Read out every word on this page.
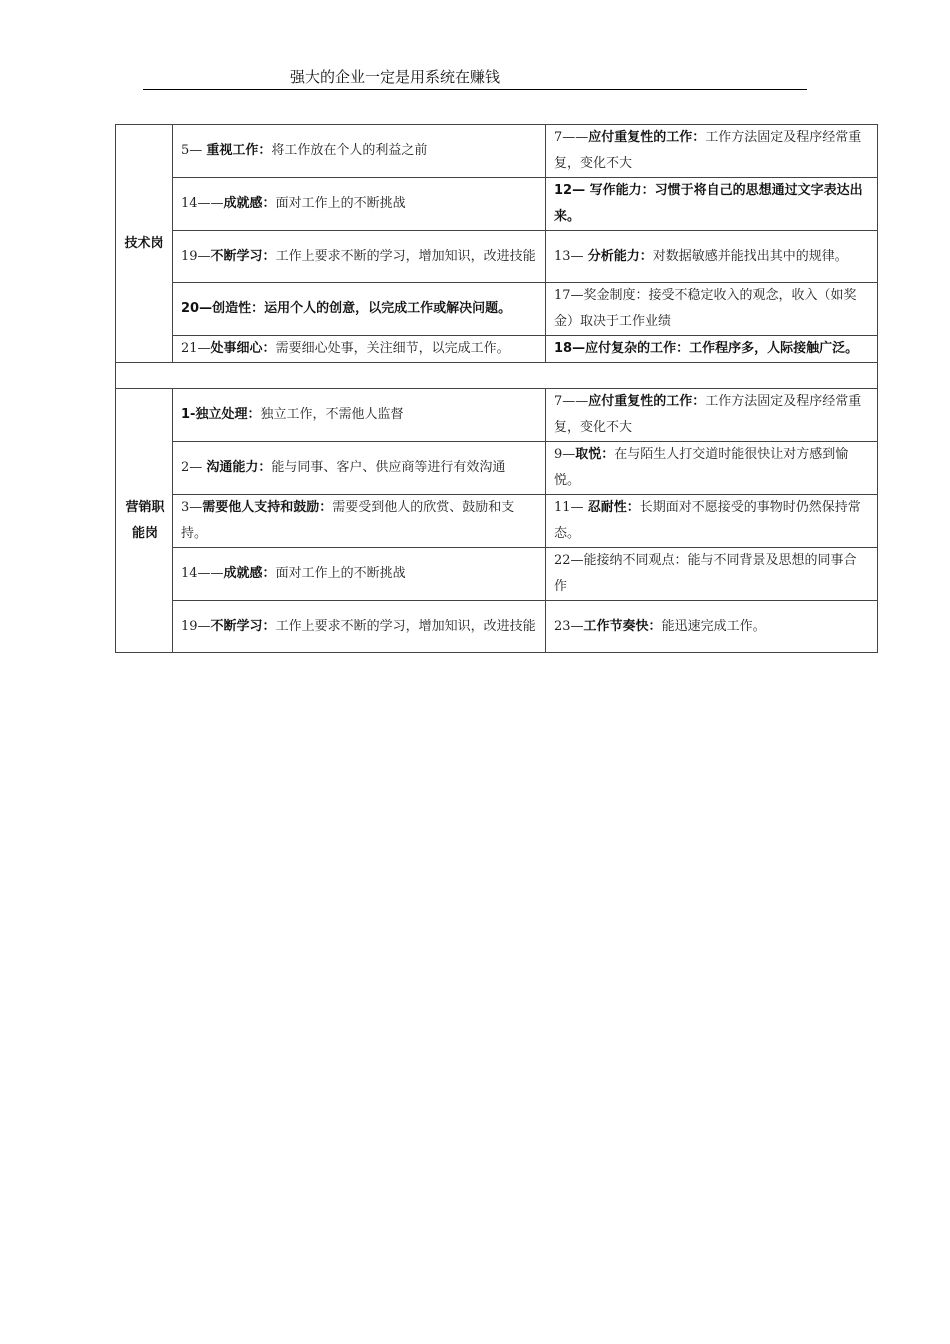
强大的企业一定是用系统在赚钱
技术岗	5— 重视工作：将工作放在个人的利益之前	7——应付重复性的工作：工作方法固定及程序经常重复，变化不大

	14——成就感：面对工作上的不断挑战	12— 写作能力：习惯于将自己的思想通过文字表达出来。

	19—不断学习：工作上要求不断的学习，增加知识，改进技能	13— 分析能力：对数据敏感并能找出其中的规律。

	20—创造性：运用个人的创意，以完成工作或解决问题。	17—奖金制度：接受不稳定收入的观念，收入（如奖金）取决于工作业绩

	21—处事细心：需要细心处事，关注细节，以完成工作。	18—应付复杂的工作：工作程序多，人际接触广泛。

营销职能岗	1-独立处理：独立工作，不需他人监督	7——应付重复性的工作：工作方法固定及程序经常重复，变化不大

	2— 沟通能力：能与同事、客户、供应商等进行有效沟通	9—取悦：在与陌生人打交道时能很快让对方感到愉悦。

	3—需要他人支持和鼓励：需要受到他人的欣赏、鼓励和支持。	11— 忍耐性：长期面对不愿接受的事物时仍然保持常态。

	14——成就感：面对工作上的不断挑战	22—能接纳不同观点：能与不同背景及思想的同事合作

	19—不断学习：工作上要求不断的学习，增加知识，改进技能	23—工作节奏快：能迅速完成工作。
